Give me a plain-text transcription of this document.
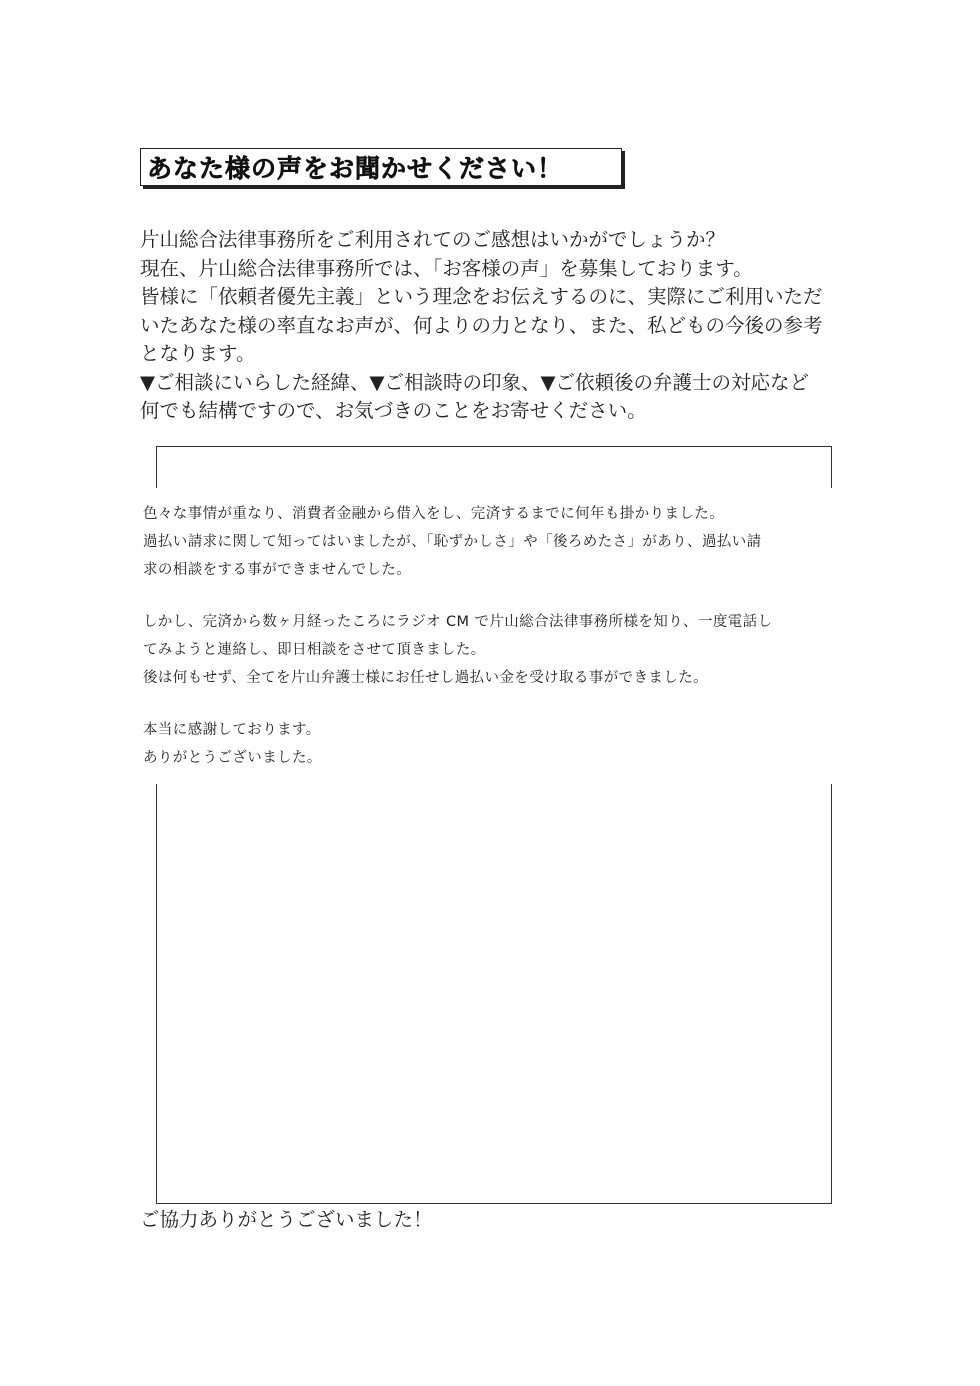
あなた様の声をお聞かせください！

片山総合法律事務所をご利用されてのご感想はいかがでしょうか？

現在、片山総合法律事務所では、「お客様の声」を募集しております。

皆様に「依頼者優先主義」という理念をお伝えするのに、実際にご利用いただ

いたあなた様の率直なお声が、何よりの力となり、また、私どもの今後の参考

となります。

▼ご相談にいらした経緯、▼ご相談時の印象、▼ご依頼後の弁護士の対応など

何でも結構ですので、お気づきのことをお寄せください。

色々な事情が重なり、消費者金融から借入をし、完済するまでに何年も掛かりました。

過払い請求に関して知ってはいましたが、「恥ずかしさ」や「後ろめたさ」があり、過払い請

求の相談をする事ができませんでした。

しかし、完済から数ヶ月経ったころにラジオ CM で片山総合法律事務所様を知り、一度電話し

てみようと連絡し、即日相談をさせて頂きました。

後は何もせず、全てを片山弁護士様にお任せし過払い金を受け取る事ができました。

本当に感謝しております。

ありがとうございました。

ご協力ありがとうございました！
